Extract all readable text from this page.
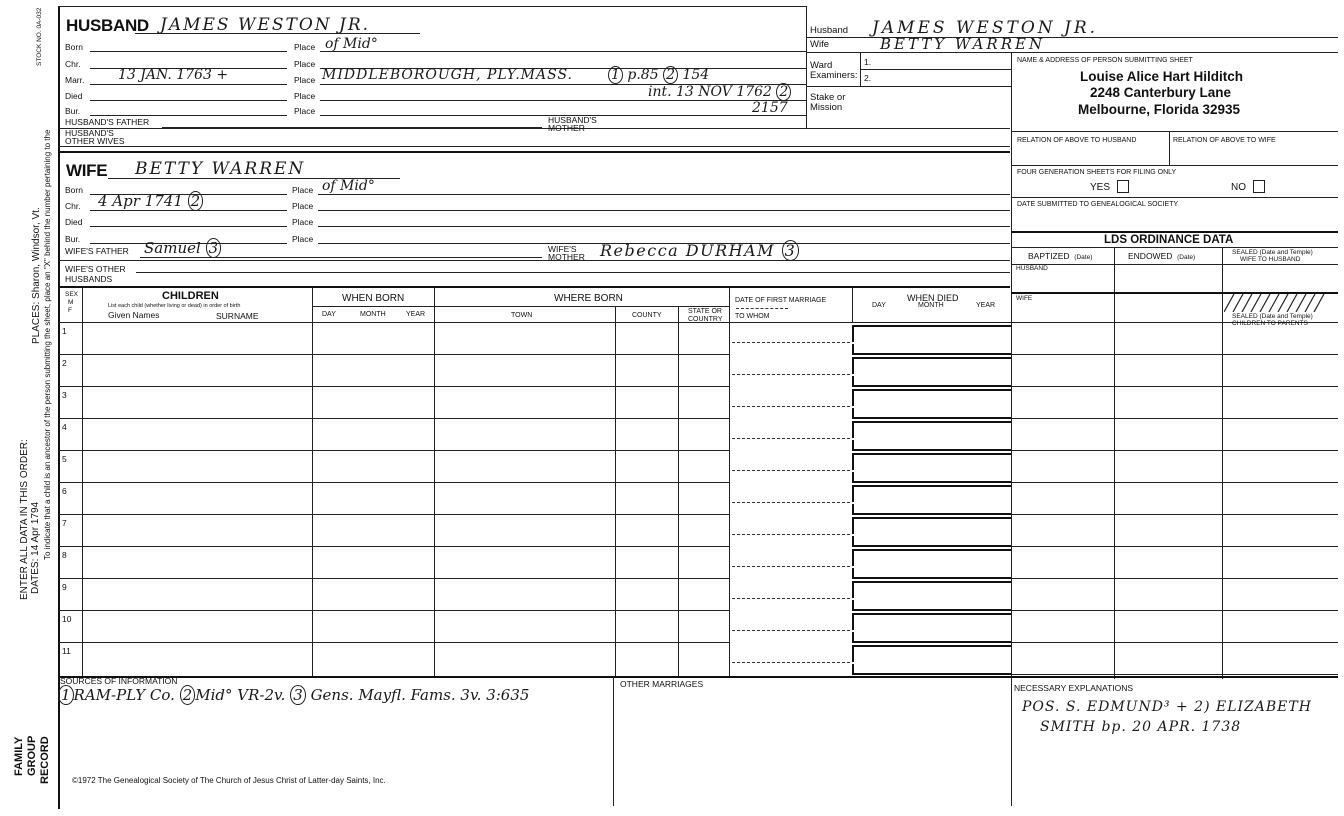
STOCK NO. 0A-032
PLACES: Sharon, Windsor, Vt. To indicate that a child is an ancestor of the person submitting the sheet, place an "X" behind the number pertaining to the
ENTER ALL DATA IN THIS ORDER: DATES: 14 Apr 1794
FAMILY GROUP RECORD
HUSBAND JAMES WESTON JR.
Born	Place of Mid°
Chr.	Place
Marr. 13 JAN. 1763 +	Place MIDDLEBOROUGH, PLY.MASS.	1 p.85 2 154
Died	Place	int. 13 NOV 1762 2
Bur.	Place	2157
HUSBAND'S FATHER	HUSBAND'S
MOTHER
HUSBAND'S
OTHER WIVES
WIFE BETTY WARREN
Born	Place of Mid°
Chr. 4 Apr 1741 2	Place
Died	Place
Bur.	Place
WIFE'S FATHER Samuel 3	WIFE'S
MOTHER Rebecca DURHAM 3
WIFE'S OTHER
HUSBANDS
Husband JAMES WESTON JR.
Wife	BETTY WARREN
Ward
Examiners:
1.
2.
Stake or
Mission
NAME & ADDRESS OF PERSON SUBMITTING SHEET
Louise Alice Hart Hilditch
2248 Canterbury Lane
Melbourne, Florida 32935
RELATION OF ABOVE TO HUSBAND	RELATION OF ABOVE TO WIFE
FOUR GENERATION SHEETS FOR FILING ONLY
YES	NO
DATE SUBMITTED TO GENEALOGICAL SOCIETY
LDS ORDINANCE DATA
BAPTIZED (Date)	ENDOWED (Date)
SEALED (Date and Temple)
WIFE TO HUSBAND
HUSBAND
WIFE
SEALED (Date and Temple)
CHILDREN TO PARENTS
SEX
M
F
CHILDREN
List each child (whether living or dead) in order of birth
Given Names	SURNAME
WHEN BORN
DAY	MONTH	YEAR
WHERE BORN
TOWN	COUNTY
STATE OR
COUNTRY
DATE OF FIRST MARRIAGE
TO WHOM
WHEN DIED
DAY	MONTH	YEAR
1
2
3
4
5
6
7
8
9
10
11
SOURCES OF INFORMATION
1 RAM-PLY Co. 2 Mid° VR-2v. 3 Gens. Mayfl. Fams. 3v. 3:635
OTHER MARRIAGES	NECESSARY EXPLANATIONS
POS. S. EDMUND³ + 2) ELIZABETH
SMITH bp. 20 APR. 1738
©1972 The Genealogical Society of The Church of Jesus Christ of Latter-day Saints, Inc.
